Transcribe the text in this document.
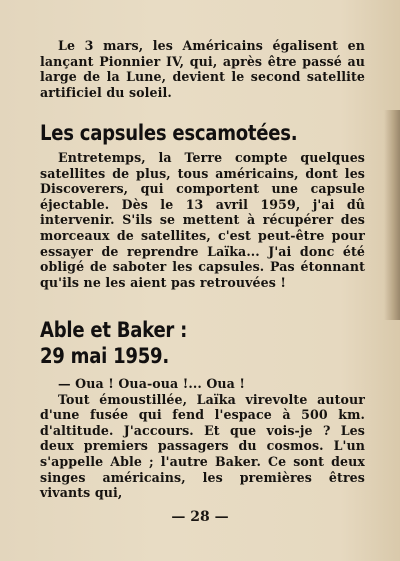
Le 3 mars, les Américains égalisent en lançant Pionnier IV, qui, après être passé au large de la Lune, devient le second satellite artificiel du soleil.

Les capsules escamotées.

Entretemps, la Terre compte quelques satellites de plus, tous américains, dont les Discoverers, qui comportent une capsule éjectable. Dès le 13 avril 1959, j'ai dû intervenir. S'ils se mettent à récupérer des morceaux de satellites, c'est peut-être pour essayer de reprendre Laïka... J'ai donc été obligé de saboter les capsules. Pas étonnant qu'ils ne les aient pas retrouvées !

Able et Baker :
29 mai 1959.

— Oua ! Oua-oua !... Oua !

Tout émoustillée, Laïka virevolte autour d'une fusée qui fend l'espace à 500 km. d'altitude. J'accours. Et que vois-je ? Les deux premiers passagers du cosmos. L'un s'appelle Able ; l'autre Baker. Ce sont deux singes américains, les premières êtres vivants qui,

— 28 —
